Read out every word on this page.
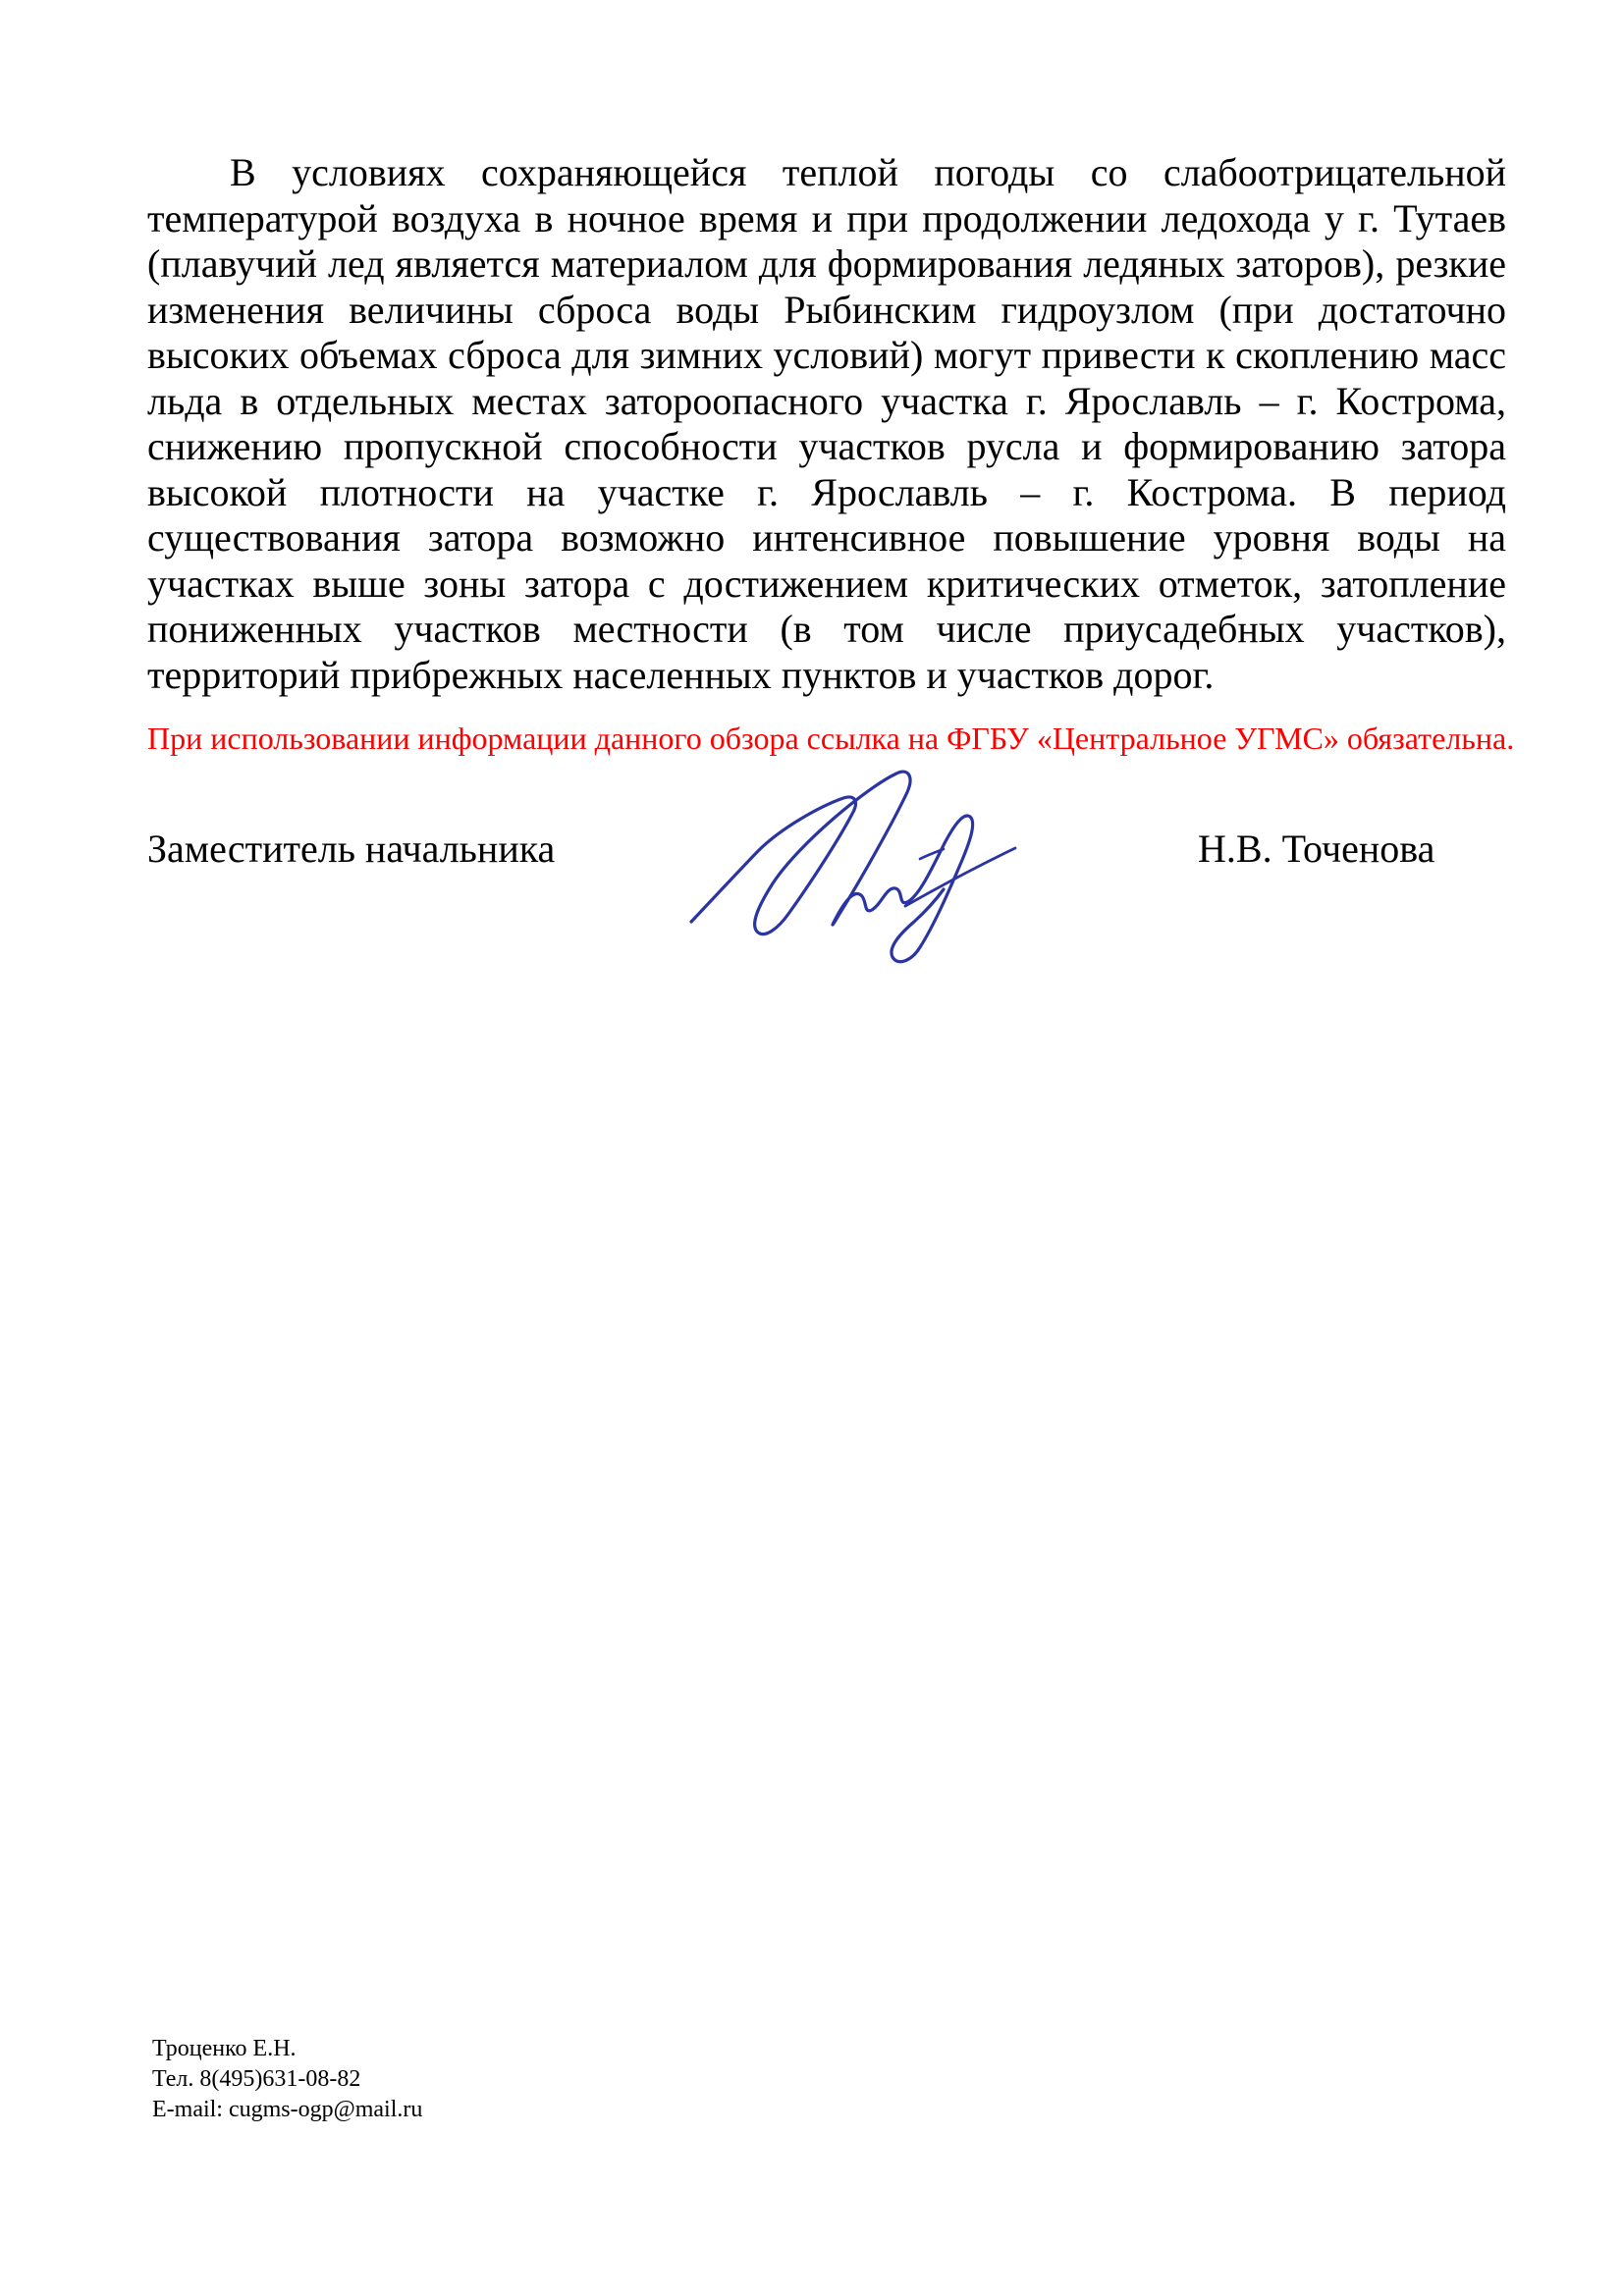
В условиях сохраняющейся теплой погоды со слабоотрицательной температурой воздуха в ночное время и при продолжении ледохода у г. Тутаев (плавучий лед является материалом для формирования ледяных заторов), резкие изменения величины сброса воды Рыбинским гидроузлом (при достаточно высоких объемах сброса для зимних условий) могут привести к скоплению масс льда в отдельных местах затороопасного участка г. Ярославль – г. Кострома, снижению пропускной способности участков русла и формированию затора высокой плотности на участке г. Ярославль – г. Кострома. В период существования затора возможно интенсивное повышение уровня воды на участках выше зоны затора с достижением критических отметок, затопление пониженных участков местности (в том числе приусадебных участков), территорий прибрежных населенных пунктов и участков дорог.

При использовании информации данного обзора ссылка на ФГБУ «Центральное УГМС» обязательна.

Заместитель начальника	Н.В. Точенова
Троценко Е.Н.
Тел. 8(495)631-08-82
E-mail: cugms-ogp@mail.ru
